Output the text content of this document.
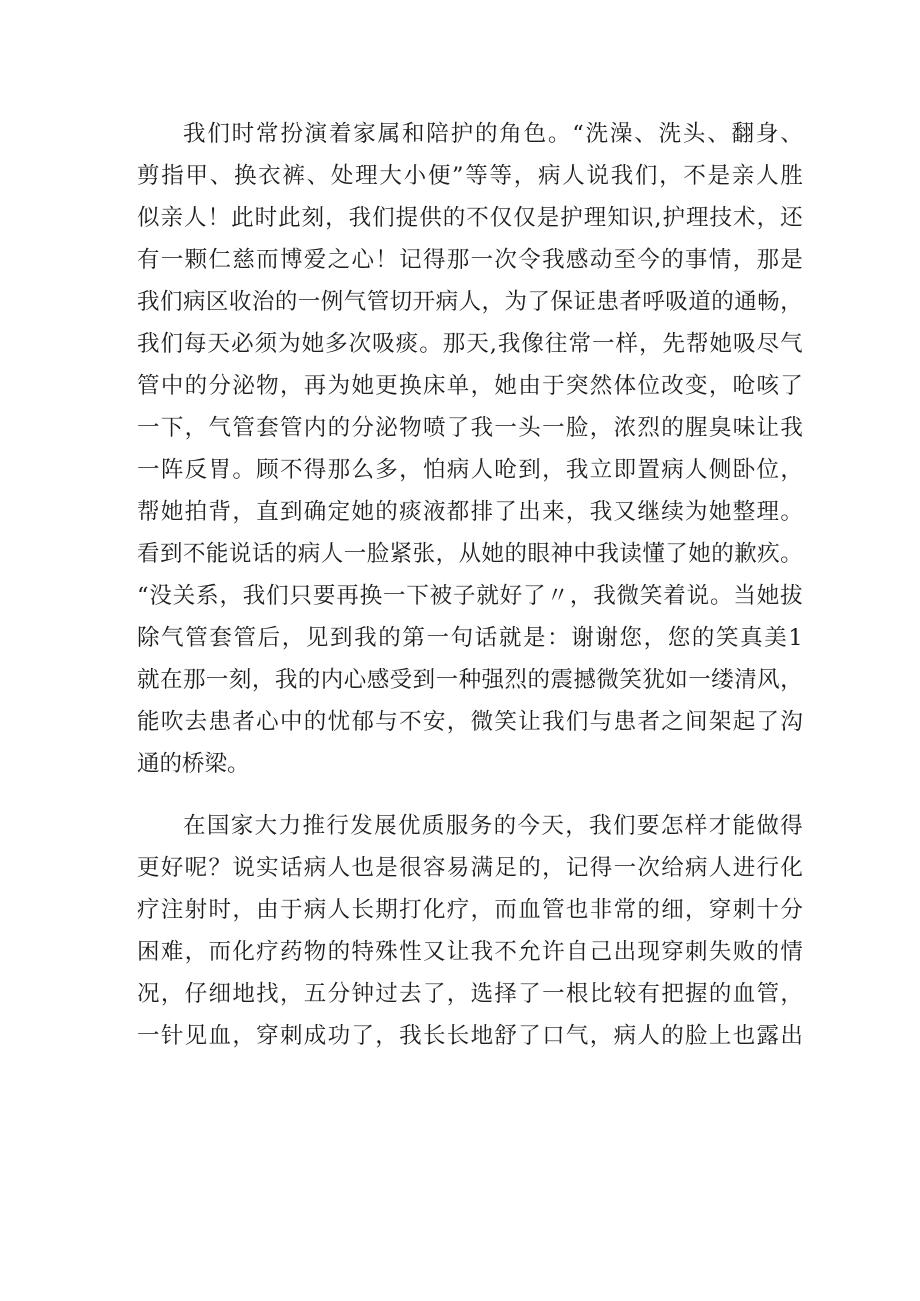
我 们 时 常 扮 演 着 家 属 和 陪 护 的 角 色 。 “ 洗 澡 、 洗 头 、 翻 身 、
剪 指 甲 、 换 衣 裤 、 处 理 大 小 便 ” 等 等 ， 病 人 说 我 们 ， 不 是 亲 人 胜
似 亲 人 ！ 此 时 此 刻 ， 我 们 提 供 的 不 仅 仅 是 护 理 知 识 , 护 理 技 术 ， 还
有 一 颗 仁 慈 而 博 爱 之 心 ！ 记 得 那 一 次 令 我 感 动 至 今 的 事 情 ， 那 是
我 们 病 区 收 治 的 一 例 气 管 切 开 病 人 ， 为 了 保 证 患 者 呼 吸 道 的 通 畅 ，
我 们 每 天 必 须 为 她 多 次 吸 痰 。 那 天 , 我 像 往 常 一 样 ， 先 帮 她 吸 尽 气
管 中 的 分 泌 物 ， 再 为 她 更 换 床 单 ， 她 由 于 突 然 体 位 改 变 ， 呛 咳 了
一 下 ， 气 管 套 管 内 的 分 泌 物 喷 了 我 一 头 一 脸 ， 浓 烈 的 腥 臭 味 让 我
一 阵 反 胃 。 顾 不 得 那 么 多 ， 怕 病 人 呛 到 ， 我 立 即 置 病 人 侧 卧 位 ，
帮 她 拍 背 ， 直 到 确 定 她 的 痰 液 都 排 了 出 来 ， 我 又 继 续 为 她 整 理 。
看 到 不 能 说 话 的 病 人 一 脸 紧 张 ， 从 她 的 眼 神 中 我 读 懂 了 她 的 歉 疚 。
“ 没 关 系 ， 我 们 只 要 再 换 一 下 被 子 就 好 了 〃 ， 我 微 笑 着 说 。 当 她 拔
除 气 管 套 管 后 ， 见 到 我 的 第 一 句 话 就 是 ： 谢 谢 您 ， 您 的 笑 真 美 1
就 在 那 一 刻 ， 我 的 内 心 感 受 到 一 种 强 烈 的 震 撼 微 笑 犹 如 一 缕 清 风 ，
能 吹 去 患 者 心 中 的 忧 郁 与 不 安 ， 微 笑 让 我 们 与 患 者 之 间 架 起 了 沟
通的桥梁。
在 国 家 大 力 推 行 发 展 优 质 服 务 的 今 天 ， 我 们 要 怎 样 才 能 做 得
更 好 呢 ？ 说 实 话 病 人 也 是 很 容 易 满 足 的 ， 记 得 一 次 给 病 人 进 行 化
疗 注 射 时 ， 由 于 病 人 长 期 打 化 疗 ， 而 血 管 也 非 常 的 细 ， 穿 刺 十 分
困 难 ， 而 化 疗 药 物 的 特 殊 性 又 让 我 不 允 许 自 己 出 现 穿 刺 失 败 的 情
况 ， 仔 细 地 找 ， 五 分 钟 过 去 了 ， 选 择 了 一 根 比 较 有 把 握 的 血 管 ，
一 针 见 血 ， 穿 刺 成 功 了 ， 我 长 长 地 舒 了 口 气 ， 病 人 的 脸 上 也 露 出
